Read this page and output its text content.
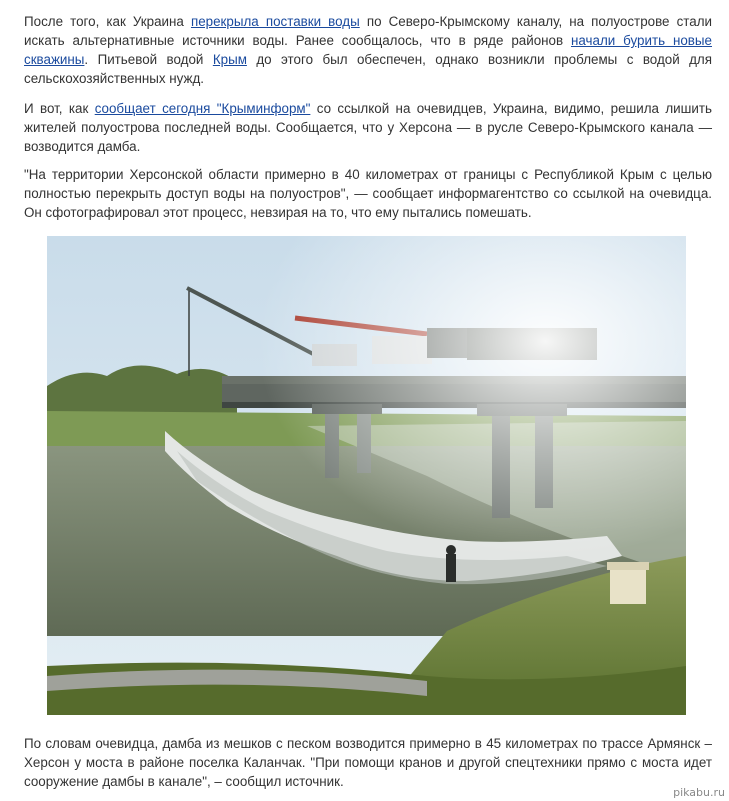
После того, как Украина перекрыла поставки воды по Северо-Крымскому каналу, на полуострове стали искать альтернативные источники воды. Ранее сообщалось, что в ряде районов начали бурить новые скважины. Питьевой водой Крым до этого был обеспечен, однако возникли проблемы с водой для сельскохозяйственных нужд.

И вот, как сообщает сегодня "Крыминформ" со ссылкой на очевидцев, Украина, видимо, решила лишить жителей полуострова последней воды. Сообщается, что у Херсона — в русле Северо-Крымского канала — возводится дамба.

"На территории Херсонской области примерно в 40 километрах от границы с Республикой Крым с целью полностью перекрыть доступ воды на полуостров", — сообщает информагентство со ссылкой на очевидца. Он сфотографировал этот процесс, невзирая на то, что ему пытались помешать.

По словам очевидца, дамба из мешков с песком возводится примерно в 45 километрах по трассе Армянск – Херсон у моста в районе поселка Каланчак. "При помощи кранов и другой спецтехники прямо с моста идет сооружение дамбы в канале", – сообщил источник.

pikabu.ru
